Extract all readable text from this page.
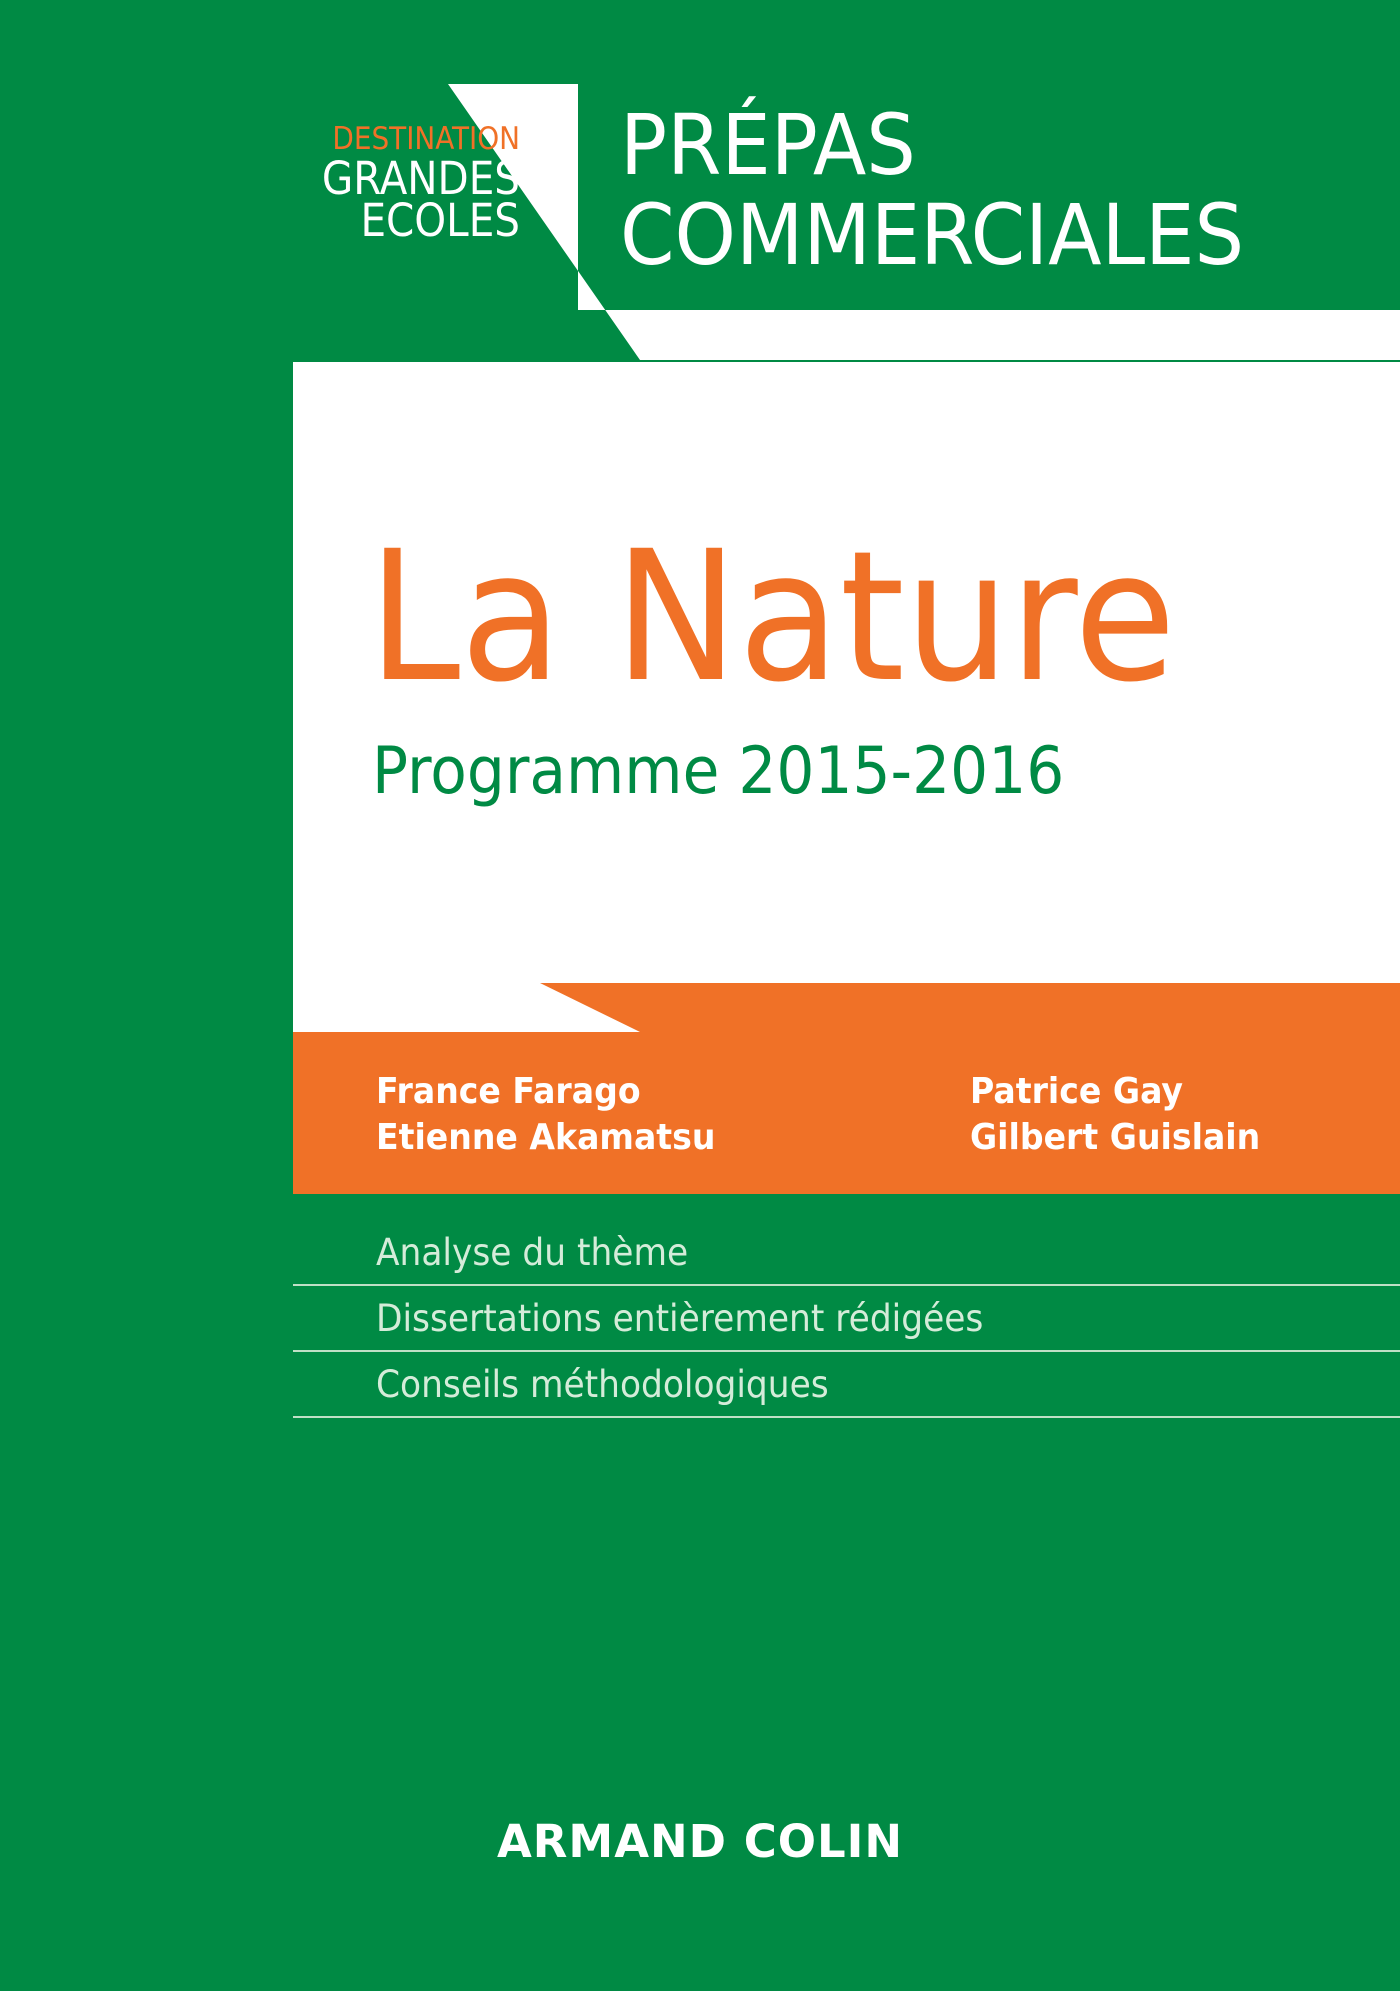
DESTINATION
GRANDES
ECOLES
PRÉPAS
COMMERCIALES
La Nature
Programme 2015-2016
France Farago
Etienne Akamatsu
Patrice Gay
Gilbert Guislain
Analyse du thème
Dissertations entièrement rédigées
Conseils méthodologiques
ARMAND COLIN
